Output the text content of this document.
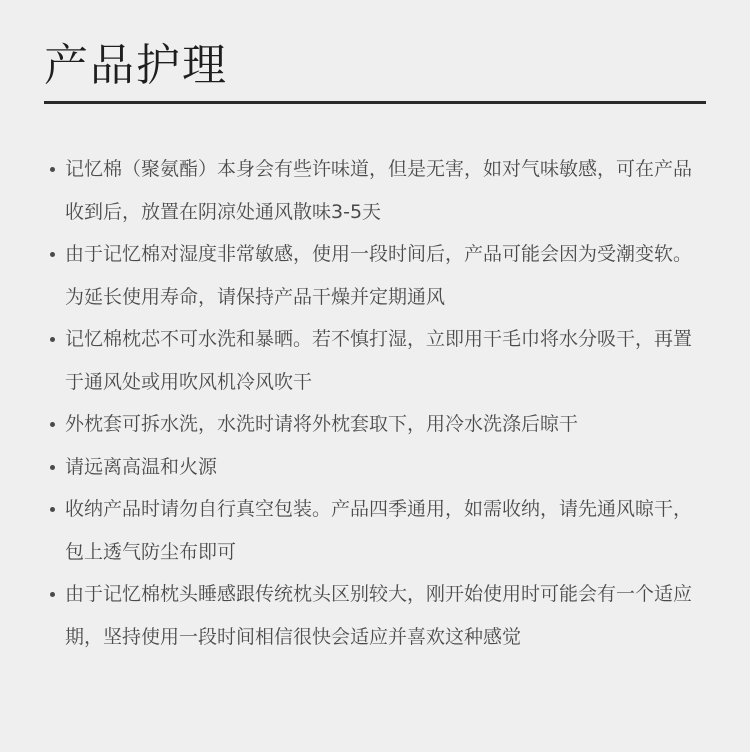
产品护理
记忆棉（聚氨酯）本身会有些许味道，但是无害，如对气味敏感，可在产品收到后，放置在阴凉处通风散味3-5天
由于记忆棉对湿度非常敏感，使用一段时间后，产品可能会因为受潮变软。为延长使用寿命，请保持产品干燥并定期通风
记忆棉枕芯不可水洗和暴晒。若不慎打湿，立即用干毛巾将水分吸干，再置于通风处或用吹风机冷风吹干
外枕套可拆水洗，水洗时请将外枕套取下，用冷水洗涤后晾干
请远离高温和火源
收纳产品时请勿自行真空包装。产品四季通用，如需收纳，请先通风晾干，包上透气防尘布即可
由于记忆棉枕头睡感跟传统枕头区别较大，刚开始使用时可能会有一个适应期，坚持使用一段时间相信很快会适应并喜欢这种感觉
